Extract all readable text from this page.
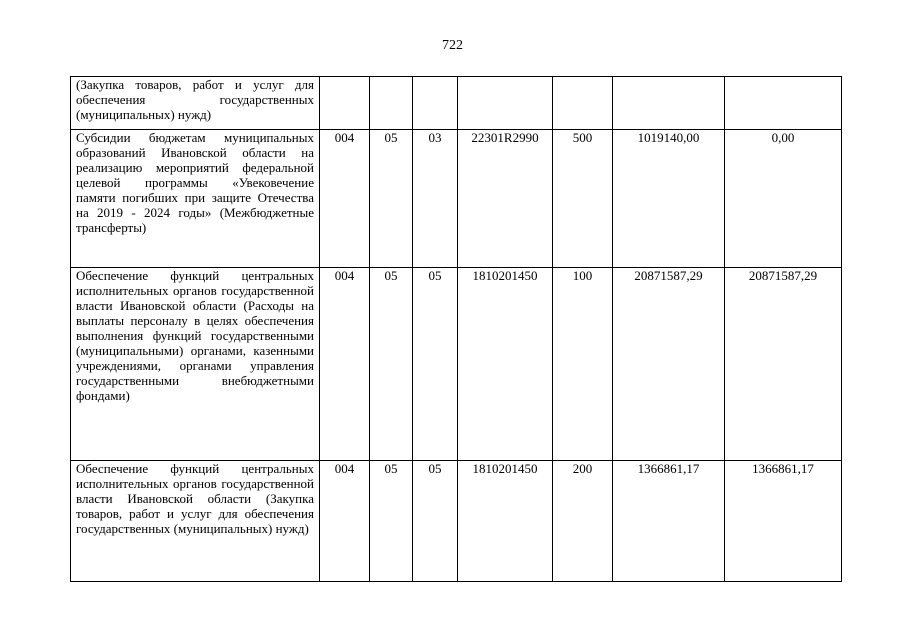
722
(Закупка товаров, работ и услуг для обеспечения государственных (муниципальных) нужд)							
Субсидии бюджетам муниципальных образований Ивановской области на реализацию мероприятий федеральной целевой программы «Увековечение памяти погибших при защите Отечества на 2019 - 2024 годы» (Межбюджетные трансферты)	004	05	03	22301R2990	500	1019140,00	0,00
Обеспечение функций центральных исполнительных органов государственной власти Ивановской области (Расходы на выплаты персоналу в целях обеспечения выполнения функций государственными (муниципальными) органами, казенными учреждениями, органами управления государственными внебюджетными фондами)	004	05	05	1810201450	100	20871587,29	20871587,29
Обеспечение функций центральных исполнительных органов государственной власти Ивановской области (Закупка товаров, работ и услуг для обеспечения государственных (муниципальных) нужд)	004	05	05	1810201450	200	1366861,17	1366861,17
